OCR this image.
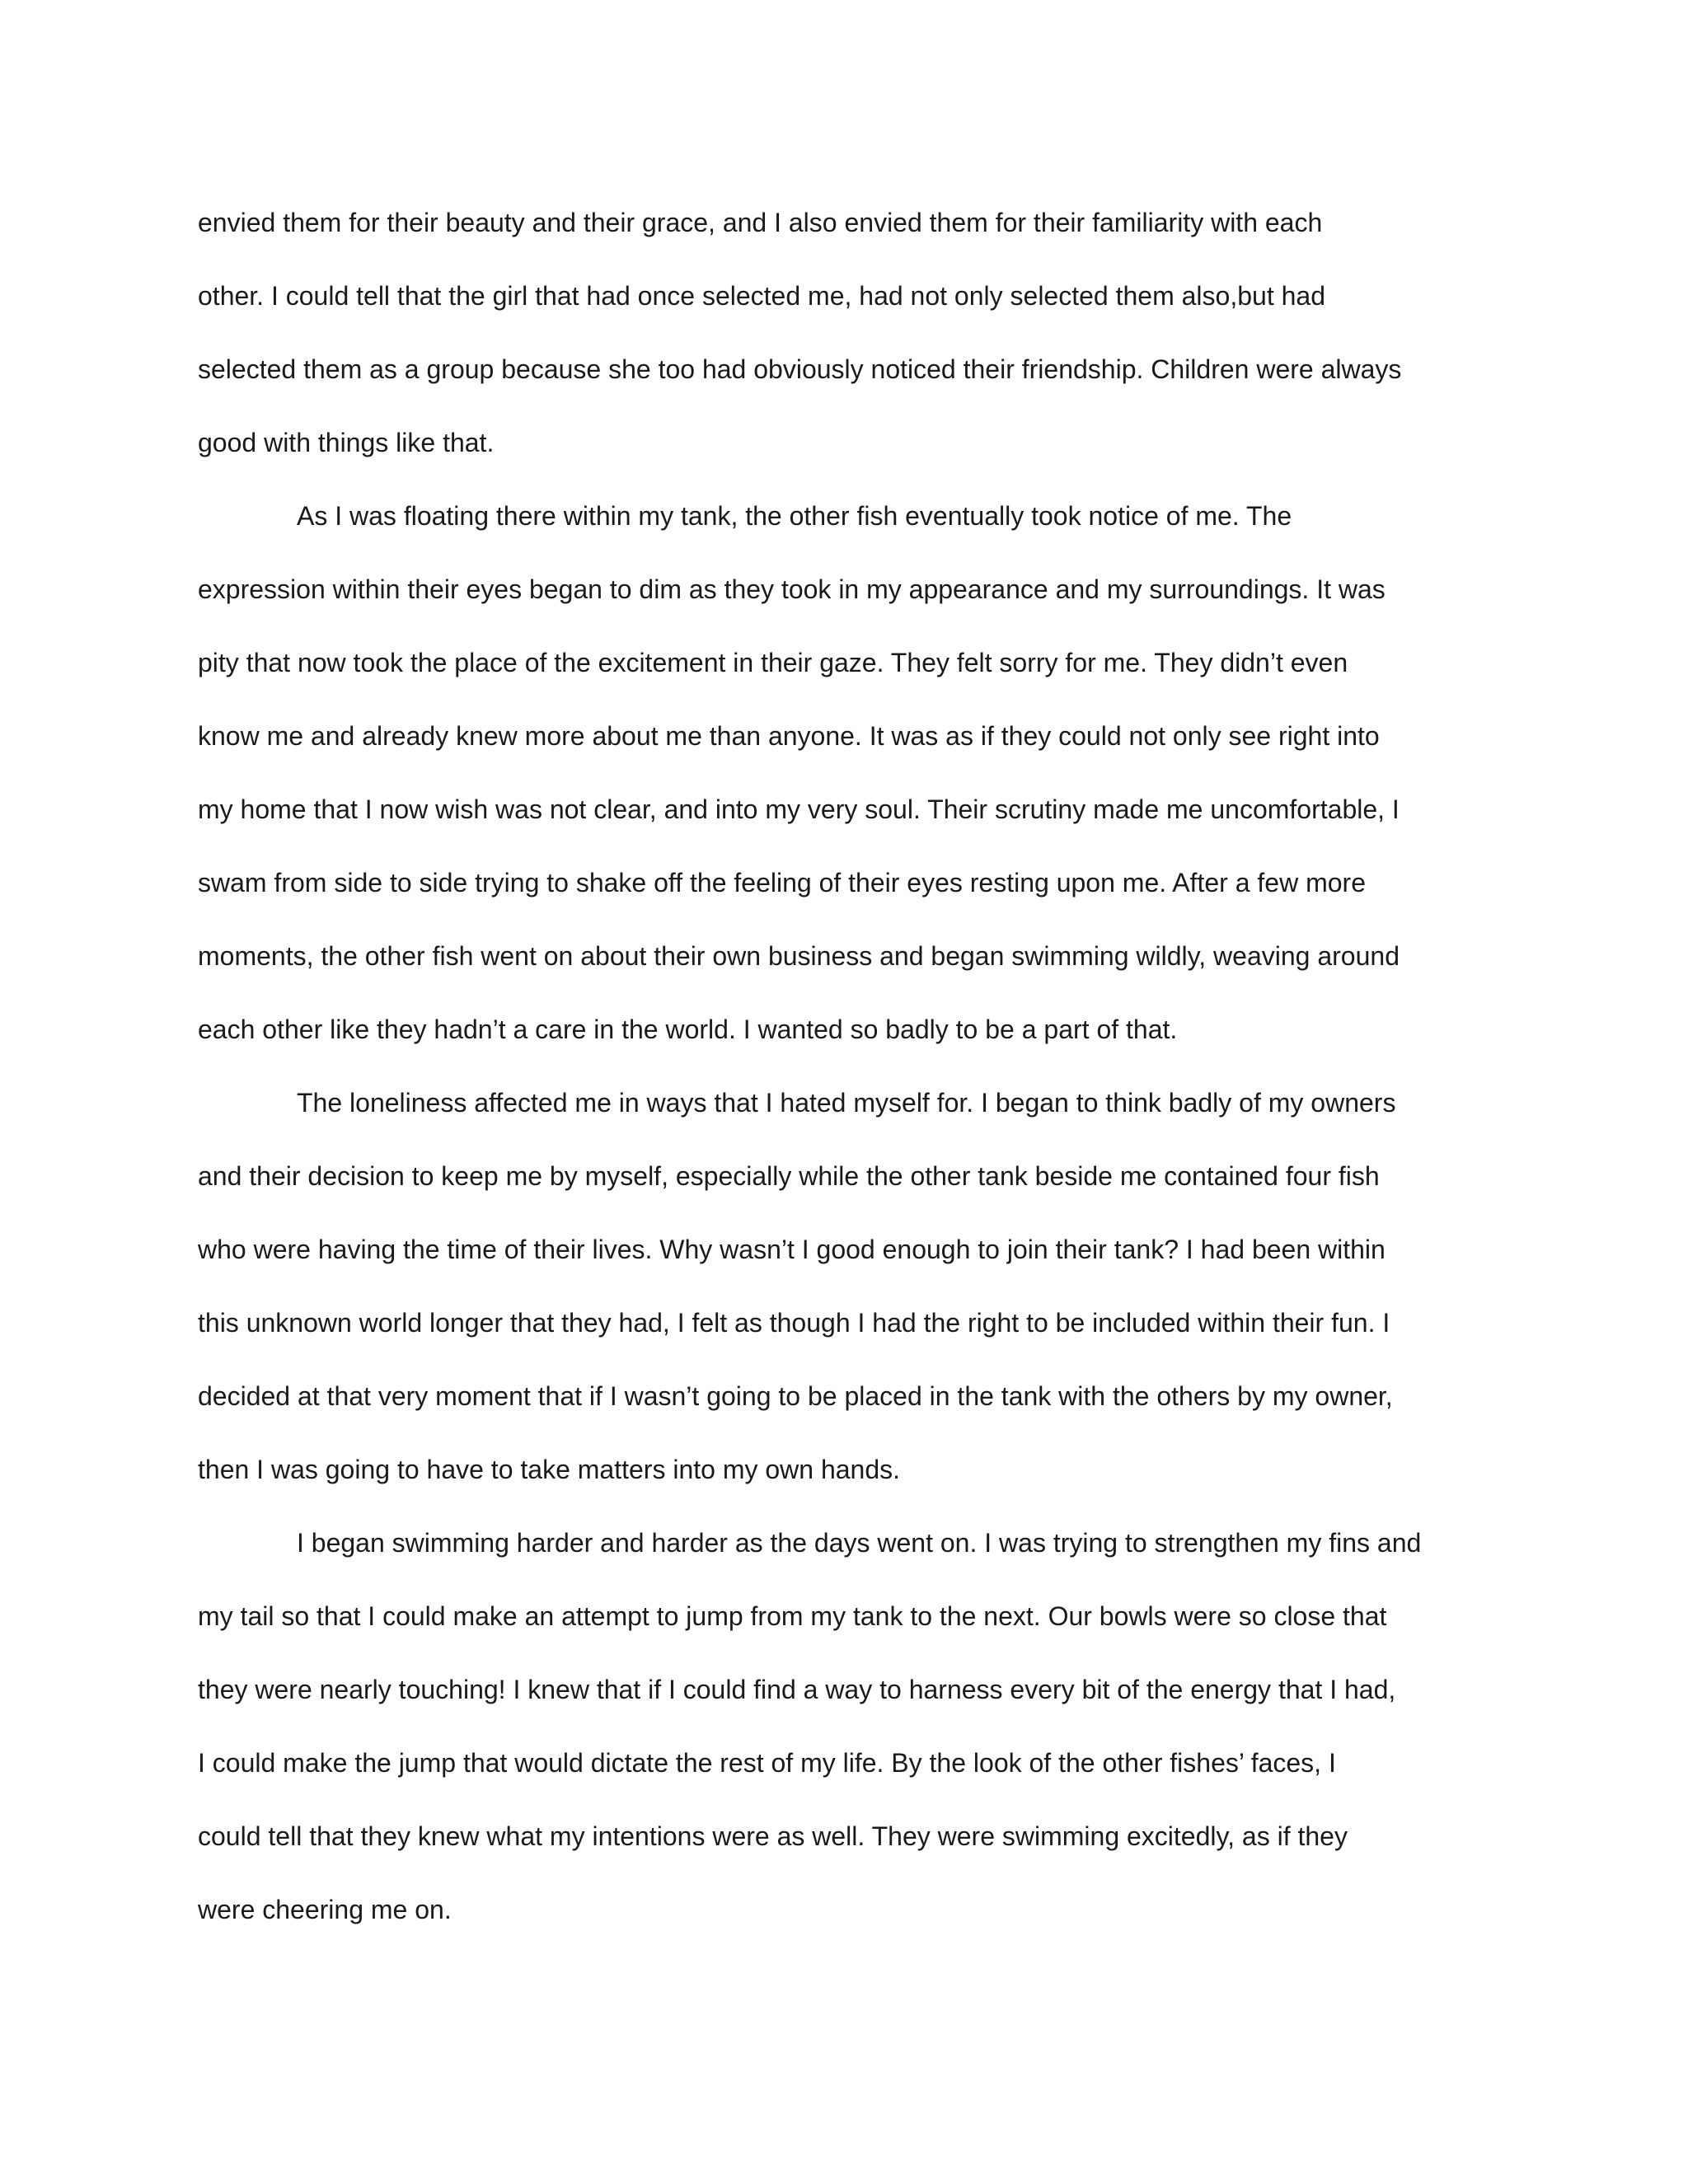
envied them for their beauty and their grace, and I also envied them for their familiarity with each
other. I could tell that the girl that had once selected me, had not only selected them also,but had
selected them as a group because she too had obviously noticed their friendship. Children were always
good with things like that.
As I was floating there within my tank, the other fish eventually took notice of me. The
expression within their eyes began to dim as they took in my appearance and my surroundings. It was
pity that now took the place of the excitement in their gaze. They felt sorry for me. They didn’t even
know me and already knew more about me than anyone. It was as if they could not only see right into
my home that I now wish was not clear, and into my very soul. Their scrutiny made me uncomfortable, I
swam from side to side trying to shake off the feeling of their eyes resting upon me. After a few more
moments, the other fish went on about their own business and began swimming wildly, weaving around
each other like they hadn’t a care in the world. I wanted so badly to be a part of that.
The loneliness affected me in ways that I hated myself for. I began to think badly of my owners
and their decision to keep me by myself, especially while the other tank beside me contained four fish
who were having the time of their lives. Why wasn’t I good enough to join their tank? I had been within
this unknown world longer that they had, I felt as though I had the right to be included within their fun. I
decided at that very moment that if I wasn’t going to be placed in the tank with the others by my owner,
then I was going to have to take matters into my own hands.
I began swimming harder and harder as the days went on. I was trying to strengthen my fins and
my tail so that I could make an attempt to jump from my tank to the next. Our bowls were so close that
they were nearly touching! I knew that if I could find a way to harness every bit of the energy that I had,
I could make the jump that would dictate the rest of my life. By the look of the other fishes’ faces, I
could tell that they knew what my intentions were as well. They were swimming excitedly, as if they
were cheering me on.
